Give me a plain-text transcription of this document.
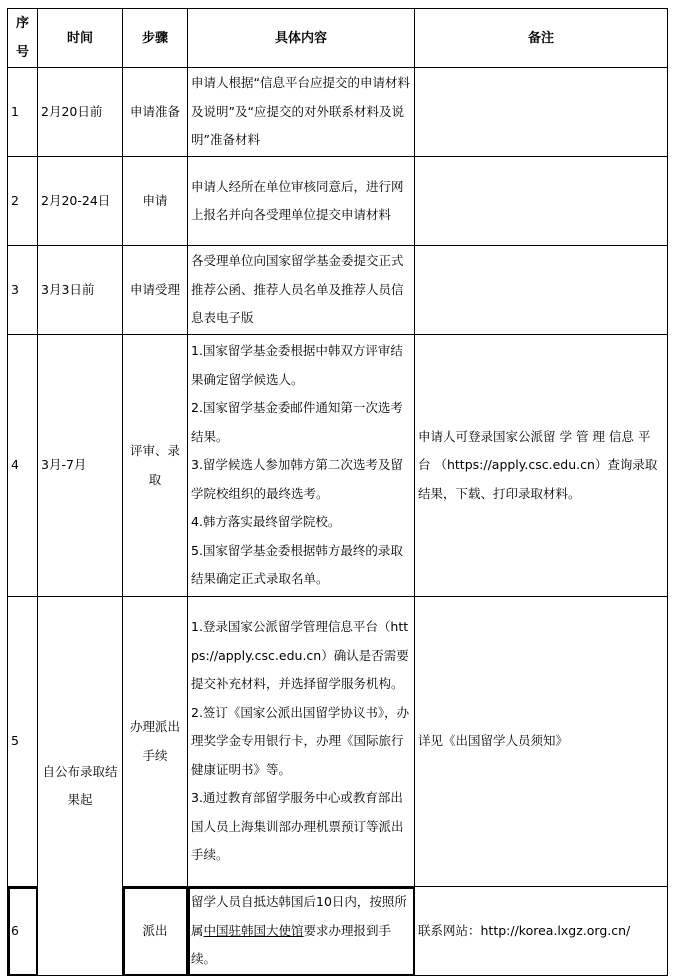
序号	时间	步骤	具体内容	备注
1	2月20日前	申请准备	申请人根据“信息平台应提交的申请材料及说明”及“应提交的对外联系材料及说明”准备材料	
2	2月20-24日	申请	申请人经所在单位审核同意后，进行网上报名并向各受理单位提交申请材料	
3	3月3日前	申请受理	各受理单位向国家留学基金委提交正式推荐公函、推荐人员名单及推荐人员信息表电子版	
4	3月-7月	评审、录取	1.国家留学基金委根据中韩双方评审结果确定留学候选人。
2.国家留学基金委邮件通知第一次选考结果。
3.留学候选人参加韩方第二次选考及留学院校组织的最终选考。
4.韩方落实最终留学院校。
5.国家留学基金委根据韩方最终的录取结果确定正式录取名单。	申请人可登录国家公派留 学 管 理 信息 平 台 （https://apply.csc.edu.cn）查询录取结果，下载、打印录取材料。
5	自公布录取结果起	办理派出手续	1.登录国家公派留学管理信息平台（https://apply.csc.edu.cn）确认是否需要提交补充材料，并选择留学服务机构。
2.签订《国家公派出国留学协议书》，办理奖学金专用银行卡，办理《国际旅行健康证明书》等。
3.通过教育部留学服务中心或教育部出国人员上海集训部办理机票预订等派出手续。	详见《出国留学人员须知》
6		派出	留学人员自抵达韩国后10日内，按照所属中国驻韩国大使馆要求办理报到手续。	联系网站：http://korea.lxgz.org.cn/
